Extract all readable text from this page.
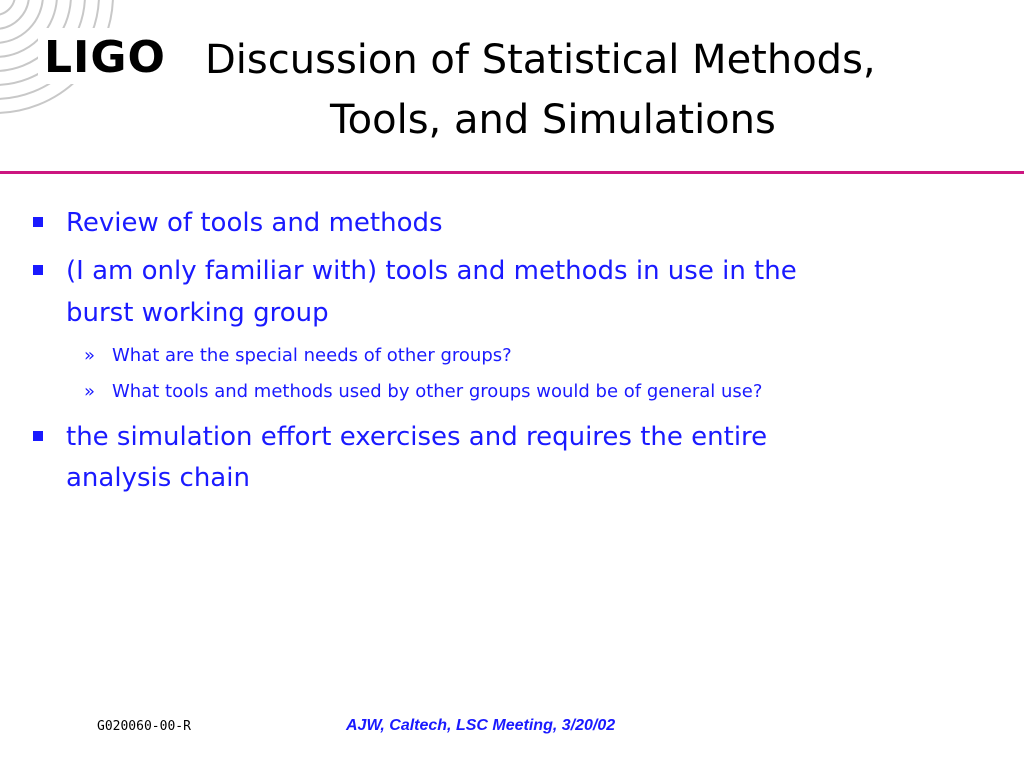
LIGO Discussion of Statistical Methods,
Tools, and Simulations
Review of tools and methods
(I am only familiar with) tools and methods in use in the
burst working group
» What are the special needs of other groups?
» What tools and methods used by other groups would be of general use?
the simulation effort exercises and requires the entire
analysis chain
G020060-00-R	AJW, Caltech, LSC Meeting, 3/20/02
